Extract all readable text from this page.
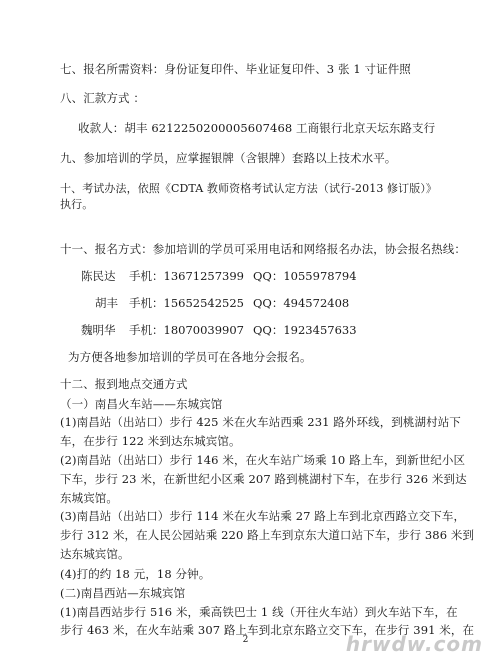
七、报名所需资料：身份证复印件、毕业证复印件、3 张 1 寸证件照
八、汇款方式 ：
收款人：胡丰 6212250200005607468 工商银行北京天坛东路支行
九、参加培训的学员，应掌握银牌（含银牌）套路以上技术水平。
十、考试办法，依照《CDTA 教师资格考试认定方法（试行-2013 修订版）》执行。
十一、报名方式：参加培训的学员可采用电话和网络报名办法，协会报名热线：
陈民达 手机：13671257399 QQ：1055978794
胡丰 手机：15652542525 QQ：494572408
魏明华 手机：18070039907 QQ：1923457633
为方便各地参加培训的学员可在各地分会报名。
十二、报到地点交通方式
（一）南昌火车站——东城宾馆
(1)南昌站（出站口）步行 425 米在火车站西乘 231 路外环线，到桃湖村站下
车，在步行 122 米到达东城宾馆。
(2)南昌站（出站口）步行 146 米，在火车站广场乘 10 路上车，到新世纪小区
下车，步行 23 米，在新世纪小区乘 207 路到桃湖村下车，在步行 326 米到达
东城宾馆。
(3)南昌站（出站口）步行 114 米在火车站乘 27 路上车到北京西路立交下车，
步行 312 米，在人民公园站乘 220 路上车到京东大道口站下车，步行 386 米到
达东城宾馆。
(4)打的约 18 元，18 分钟。
(二)南昌西站—东城宾馆
(1)南昌西站步行 516 米，乘高铁巴士 1 线（开往火车站）到火车站下车，在
步行 463 米，在火车站乘 307 路上车到北京东路立交下车，在步行 391 米，在
2	hrwdw.com
